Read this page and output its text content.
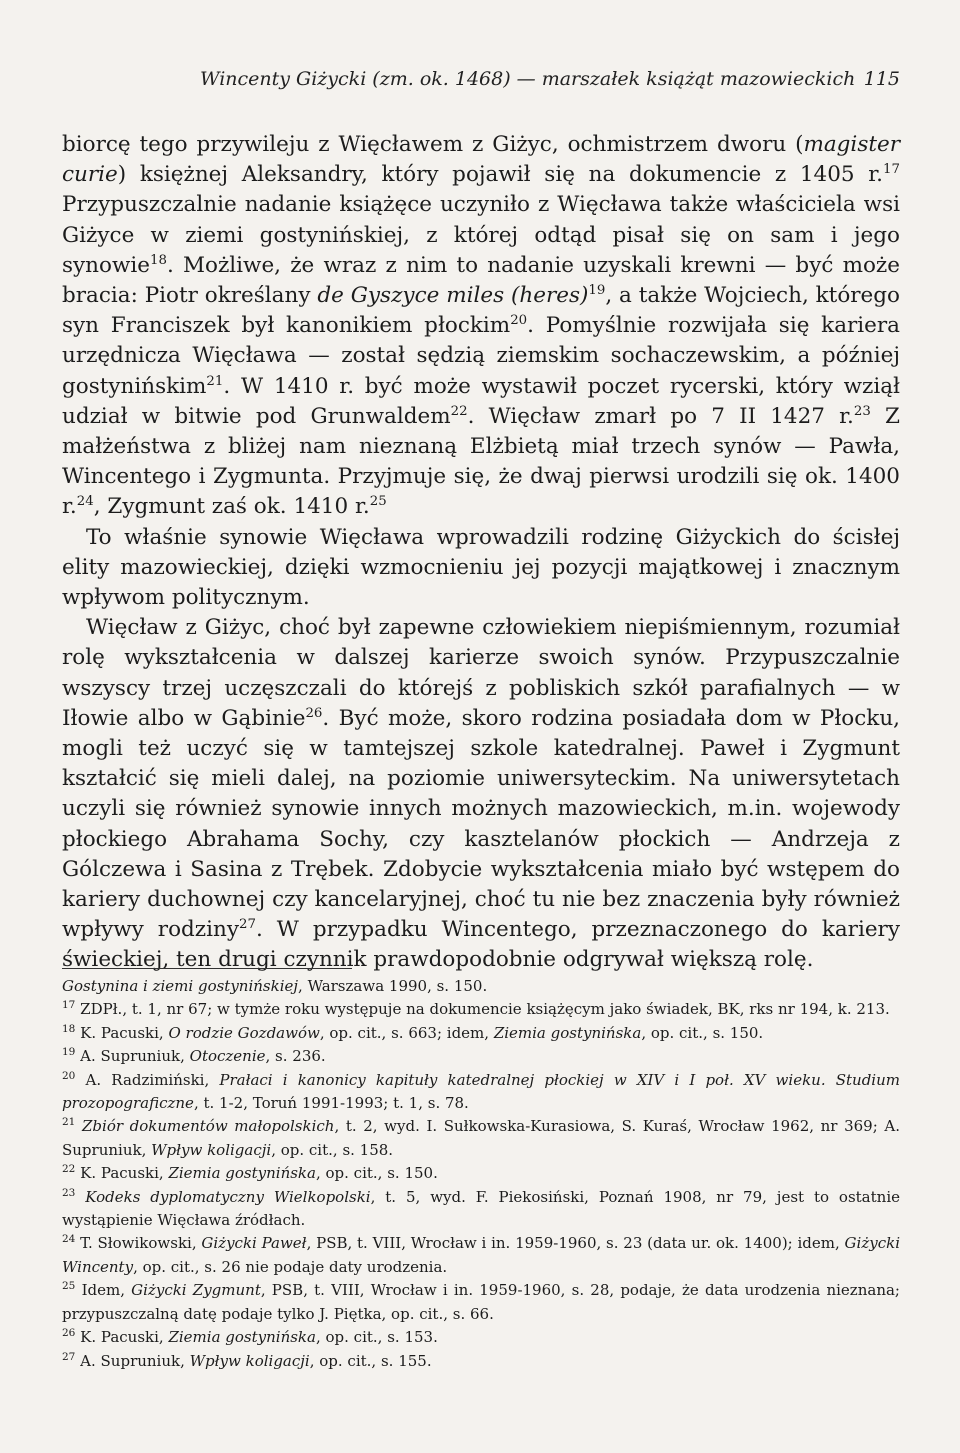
Wincenty Giżycki (zm. ok. 1468) — marszałek książąt mazowieckich 115

biorcę tego przywileju z Więcławem z Giżyc, ochmistrzem dworu (magister curie) księżnej Aleksandry, który pojawił się na dokumencie z 1405 r.$^{17}$ Przypuszczalnie nadanie książęce uczyniło z Więcława także właściciela wsi Giżyce w ziemi gostynińskiej, z której odtąd pisał się on sam i jego synowie$^{18}$. Możliwe, że wraz z nim to nadanie uzyskali krewni — być może bracia: Piotr określany de Gyszyce miles (heres)$^{19}$, a także Wojciech, którego syn Franciszek był kanonikiem płockim$^{20}$. Pomyślnie rozwijała się kariera urzędnicza Więcława — został sędzią ziemskim sochaczewskim, a później gostynińskim$^{21}$. W 1410 r. być może wystawił poczet rycerski, który wziął udział w bitwie pod Grunwaldem$^{22}$. Więcław zmarł po 7 II 1427 r.$^{23}$ Z małżeństwa z bliżej nam nieznaną Elżbietą miał trzech synów — Pawła, Wincentego i Zygmunta. Przyjmuje się, że dwaj pierwsi urodzili się ok. 1400 r.$^{24}$, Zygmunt zaś ok. 1410 r.$^{25}$

To właśnie synowie Więcława wprowadzili rodzinę Giżyckich do ścisłej elity mazowieckiej, dzięki wzmocnieniu jej pozycji majątkowej i znacznym wpływom politycznym.

Więcław z Giżyc, choć był zapewne człowiekiem niepiśmiennym, rozumiał rolę wykształcenia w dalszej karierze swoich synów. Przypuszczalnie wszyscy trzej uczęszczali do którejś z pobliskich szkół parafialnych — w Iłowie albo w Gąbinie$^{26}$. Być może, skoro rodzina posiadała dom w Płocku, mogli też uczyć się w tamtejszej szkole katedralnej. Paweł i Zygmunt kształcić się mieli dalej, na poziomie uniwersyteckim. Na uniwersytetach uczyli się również synowie innych możnych mazowieckich, m.in. wojewody płockiego Abrahama Sochy, czy kasztelanów płockich — Andrzeja z Gólczewa i Sasina z Trębek. Zdobycie wykształcenia miało być wstępem do kariery duchownej czy kancelaryjnej, choć tu nie bez znaczenia były również wpływy rodziny$^{27}$. W przypadku Wincentego, przeznaczonego do kariery świeckiej, ten drugi czynnik prawdopodobnie odgrywał większą rolę.

Gostynina i ziemi gostynińskiej, Warszawa 1990, s. 150.

$^{17}$ ZDPł., t. 1, nr 67; w tymże roku występuje na dokumencie książęcym jako świadek, BK, rks nr 194, k. 213.

$^{18}$ K. Pacuski, O rodzie Gozdawów, op. cit., s. 663; idem, Ziemia gostynińska, op. cit., s. 150.

$^{19}$ A. Supruniuk, Otoczenie, s. 236.

$^{20}$ A. Radzimiński, Prałaci i kanonicy kapituły katedralnej płockiej w XIV i I poł. XV wieku. Studium prozopograficzne, t. 1-2, Toruń 1991-1993; t. 1, s. 78.

$^{21}$ Zbiór dokumentów małopolskich, t. 2, wyd. I. Sułkowska-Kurasiowa, S. Kuraś, Wrocław 1962, nr 369; A. Supruniuk, Wpływ koligacji, op. cit., s. 158.

$^{22}$ K. Pacuski, Ziemia gostynińska, op. cit., s. 150.

$^{23}$ Kodeks dyplomatyczny Wielkopolski, t. 5, wyd. F. Piekosiński, Poznań 1908, nr 79, jest to ostatnie wystąpienie Więcława źródłach.

$^{24}$ T. Słowikowski, Giżycki Paweł, PSB, t. VIII, Wrocław i in. 1959-1960, s. 23 (data ur. ok. 1400); idem, Giżycki Wincenty, op. cit., s. 26 nie podaje daty urodzenia.

$^{25}$ Idem, Giżycki Zygmunt, PSB, t. VIII, Wrocław i in. 1959-1960, s. 28, podaje, że data urodzenia nieznana; przypuszczalną datę podaje tylko J. Piętka, op. cit., s. 66.

$^{26}$ K. Pacuski, Ziemia gostynińska, op. cit., s. 153.

$^{27}$ A. Supruniuk, Wpływ koligacji, op. cit., s. 155.
